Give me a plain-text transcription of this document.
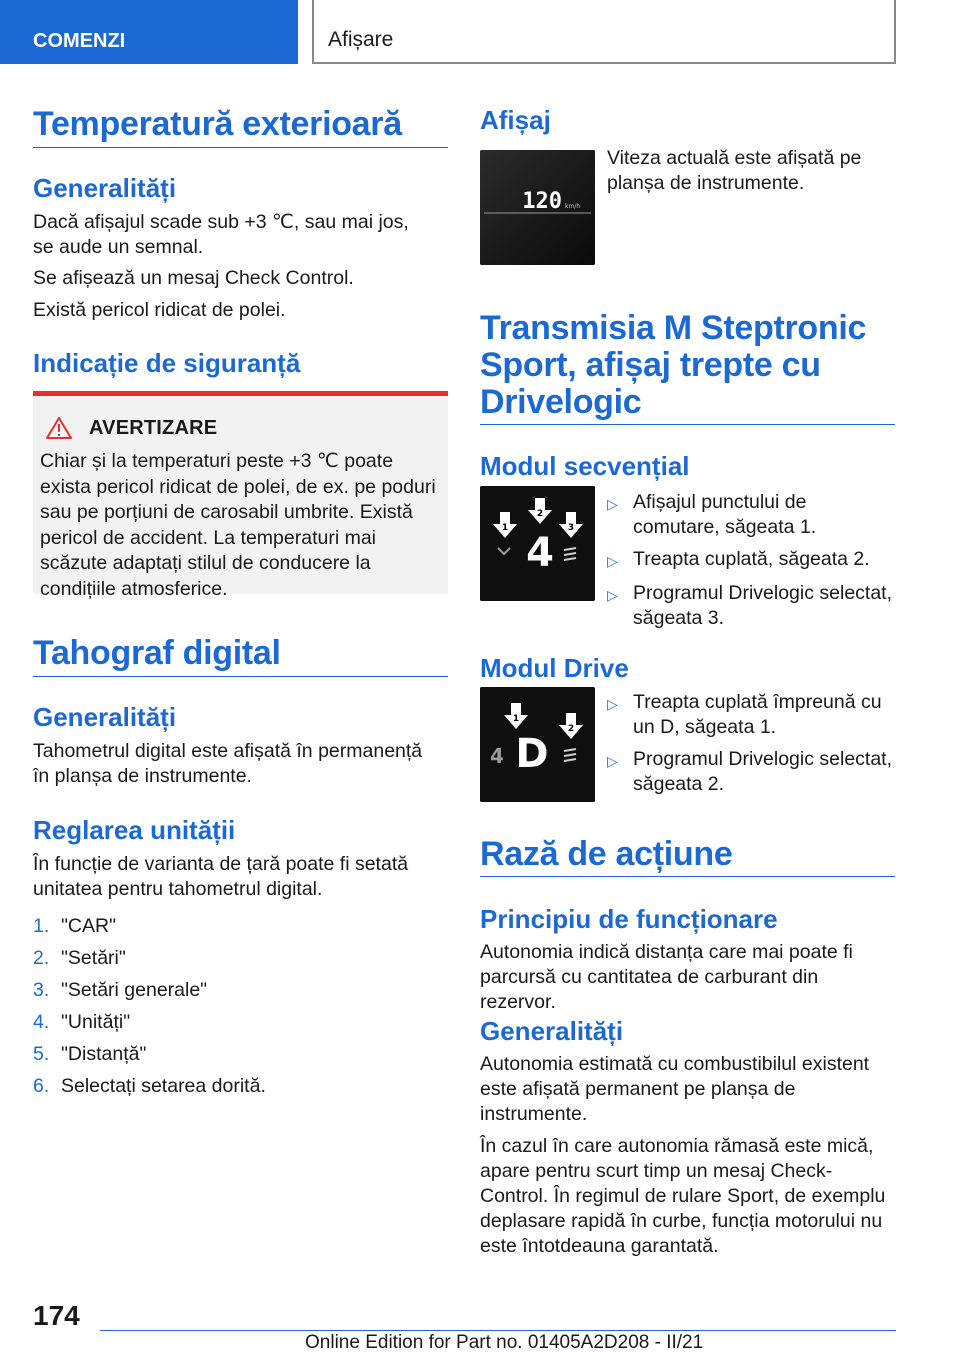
COMENZI	Afișare
Temperatură exterioară
Generalități

Dacă afișajul scade sub +3 ℃, sau mai jos, se aude un semnal.

Se afișează un mesaj Check Control.

Există pericol ridicat de polei.

Indicație de siguranță
AVERTIZARE

Chiar și la temperaturi peste +3 ℃ poate exista pericol ridicat de polei, de ex. pe poduri sau pe porțiuni de carosabil umbrite. Există pericol de accident. La temperaturi mai scăzute adaptați stilul de conducere la condițiile atmosferice.

Tahograf digital
Generalități

Tahometrul digital este afișată în permanență în planșa de instrumente.

Reglarea unității

În funcție de varianta de țară poate fi setată unitatea pentru tahometrul digital.

1. "CAR"
2. "Setări"
3. "Setări generale"
4. "Unități"
5. "Distanță"
6. Selectați setarea dorită.
Afișaj
120 km/h

Viteza actuală este afișată pe planșa de instrumente.

Transmisia M Steptronic Sport, afișaj trepte cu Drivelogic
Modul secvențial
1
2
3
4
▷ Afișajul punctului de comutare, săgeata 1.
▷ Treapta cuplată, săgeata 2.
▷ Programul Drivelogic selectat, săgeata 3.
Modul Drive
1
2
4 D
▷ Treapta cuplată împreună cu un D, săgeata 1.
▷ Programul Drivelogic selectat, săgeata 2.
Rază de acțiune
Principiu de funcționare

Autonomia indică distanța care mai poate fi parcursă cu cantitatea de carburant din rezervor.

Generalități

Autonomia estimată cu combustibilul existent este afișată permanent pe planșa de instrumente.

În cazul în care autonomia rămasă este mică, apare pentru scurt timp un mesaj Check-Control. În regimul de rulare Sport, de exemplu deplasare rapidă în curbe, funcția motorului nu este întotdeauna garantată.

174
Online Edition for Part no. 01405A2D208 - II/21
